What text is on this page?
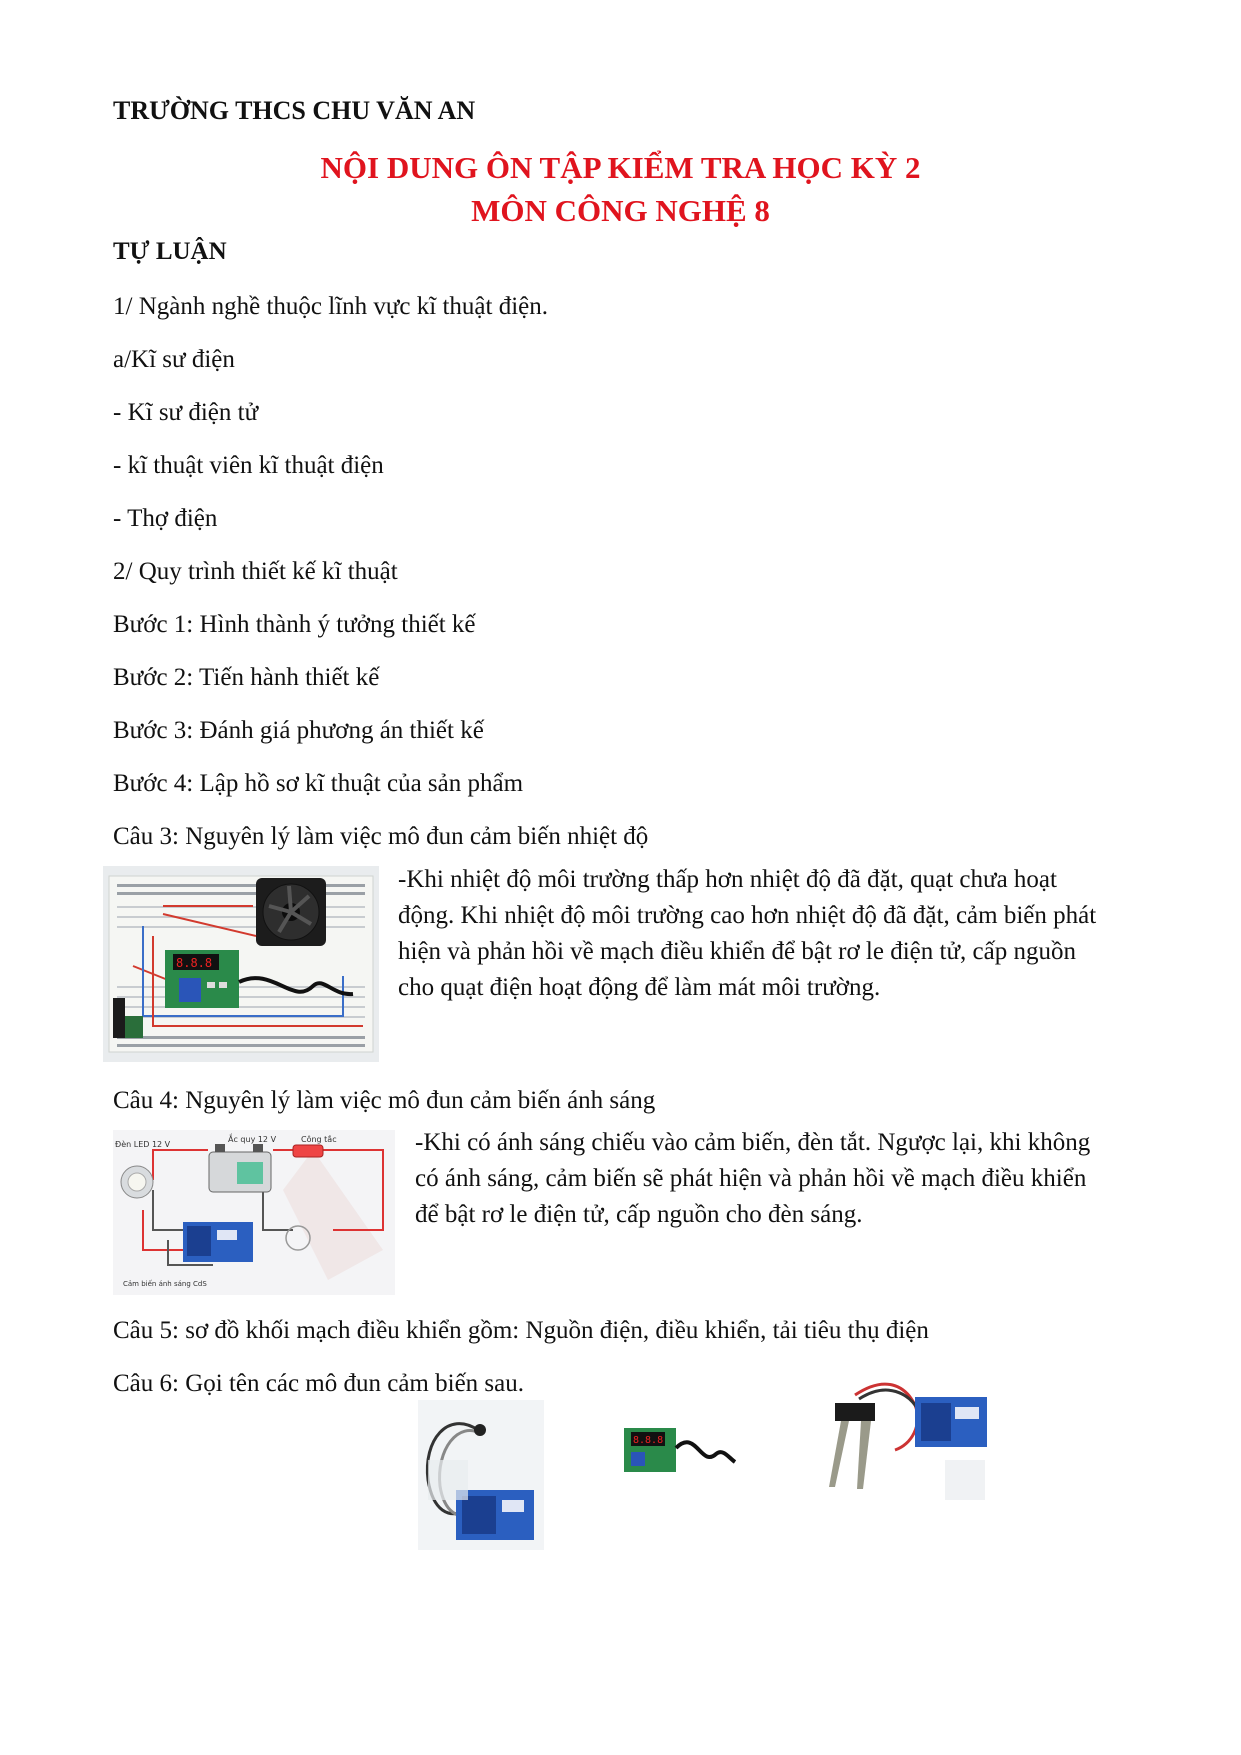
TRƯỜNG THCS CHU VĂN AN
NỘI DUNG ÔN TẬP KIỂM TRA HỌC KỲ 2
MÔN CÔNG NGHỆ 8
TỰ LUẬN
1/ Ngành nghề thuộc lĩnh vực kĩ thuật điện.
a/Kĩ sư điện
- Kĩ sư điện tử
- kĩ thuật viên kĩ thuật điện
- Thợ điện
2/ Quy trình thiết kế kĩ thuật
Bước 1: Hình thành ý tưởng thiết kế
Bước 2: Tiến hành thiết kế
Bước 3: Đánh giá phương án thiết kế
Bước 4: Lập hồ sơ kĩ thuật của sản phẩm
Câu 3: Nguyên lý làm việc mô đun cảm biến nhiệt độ
8.8.8
-Khi nhiệt độ môi trường thấp hơn nhiệt độ đã đặt, quạt chưa hoạt động. Khi nhiệt độ môi trường cao hơn nhiệt độ đã đặt, cảm biến phát hiện và phản hồi về mạch điều khiển để bật rơ le điện tử, cấp nguồn cho quạt điện hoạt động để làm mát môi trường.
Câu 4: Nguyên lý làm việc mô đun cảm biến ánh sáng
Đèn LED 12 V
Ắc quy 12 V	Công tắc
Cảm biến ánh sáng CdS
-Khi có ánh sáng chiếu vào cảm biến, đèn tắt. Ngược lại, khi không có ánh sáng, cảm biến sẽ phát hiện và phản hồi về mạch điều khiển để bật rơ le điện tử, cấp nguồn cho đèn sáng.
Câu 5: sơ đồ khối mạch điều khiển gồm: Nguồn điện, điều khiển, tải tiêu thụ điện
Câu 6: Gọi tên các mô đun cảm biến sau.
8.8.8
